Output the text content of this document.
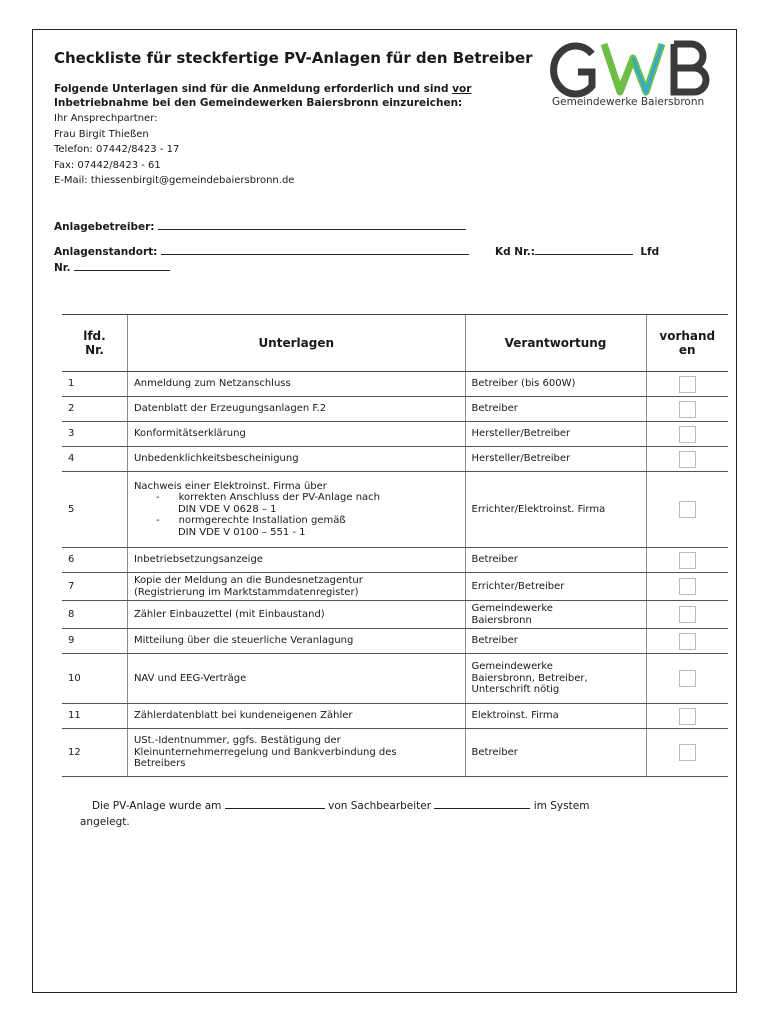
Checkliste für steckfertige PV-Anlagen für den Betreiber
Folgende Unterlagen sind für die Anmeldung erforderlich und sind vor
Inbetriebnahme bei den Gemeindewerken Baiersbronn einzureichen:
Ihr Ansprechpartner:
Frau Birgit Thießen
Telefon: 07442/8423 - 17
Fax: 07442/8423 - 61
E-Mail: thiessenbirgit@gemeindebaiersbronn.de
Gemeindewerke Baiersbronn
Anlagebetreiber:
Anlagenstandort:	Kd Nr.:	Lfd
Nr.
lfd.
Nr.	Unterlagen	Verantwortung	vorhand
en
1	Anmeldung zum Netzanschluss	Betreiber (bis 600W)	
2	Datenblatt der Erzeugungsanlagen F.2	Betreiber	
3	Konformitätserklärung	Hersteller/Betreiber	
4	Unbedenklichkeitsbescheinigung	Hersteller/Betreiber	
5	Nachweis einer Elektroinst. Firma über
-      korrekten Anschluss der PV-Anlage nach
DIN VDE V 0628 – 1
-      normgerechte Installation gemäß
DIN VDE V 0100 – 551 - 1	Errichter/Elektroinst. Firma	
6	Inbetriebsetzungsanzeige	Betreiber	
7	Kopie der Meldung an die Bundesnetzagentur
(Registrierung im Marktstammdatenregister)	Errichter/Betreiber	
8	Zähler Einbauzettel (mit Einbaustand)	Gemeindewerke
Baiersbronn	

9	Mitteilung über die steuerliche Veranlagung	Betreiber	
10	NAV und EEG-Verträge	Gemeindewerke
Baiersbronn, Betreiber,
Unterschrift nötig	

11	Zählerdatenblatt bei kundeneigenen Zähler	Elektroinst. Firma	
12	USt.-Identnummer, ggfs. Bestätigung der
Kleinunternehmerregelung und Bankverbindung des
Betreibers	Betreiber	
Die PV-Anlage wurde am	von Sachbearbeiter	im System
angelegt.
